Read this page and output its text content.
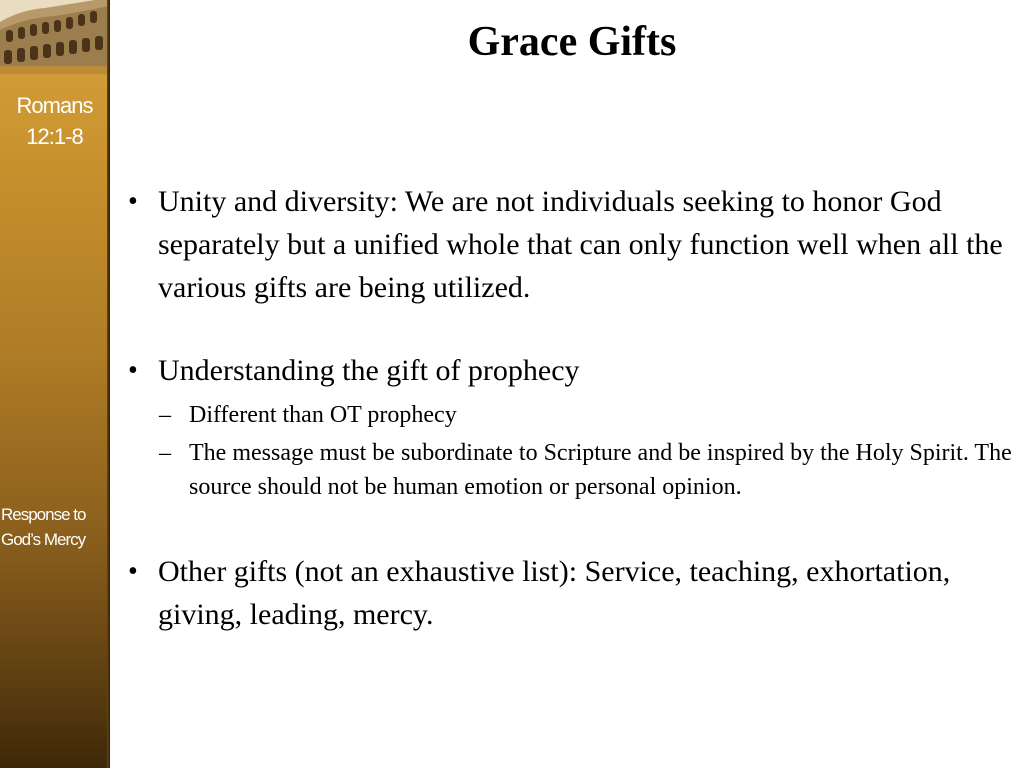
Romans
12:1-8
Response to
God’s Mercy
Grace Gifts
• Unity and diversity: We are not individuals seeking to honor God separately but a unified whole that can only function well when all the various gifts are being utilized.
• Understanding the gift of prophecy
– Different than OT prophecy
– The message must be subordinate to Scripture and be inspired by the Holy Spirit. The source should not be human emotion or personal opinion.
• Other gifts (not an exhaustive list): Service, teaching, exhortation, giving, leading, mercy.
